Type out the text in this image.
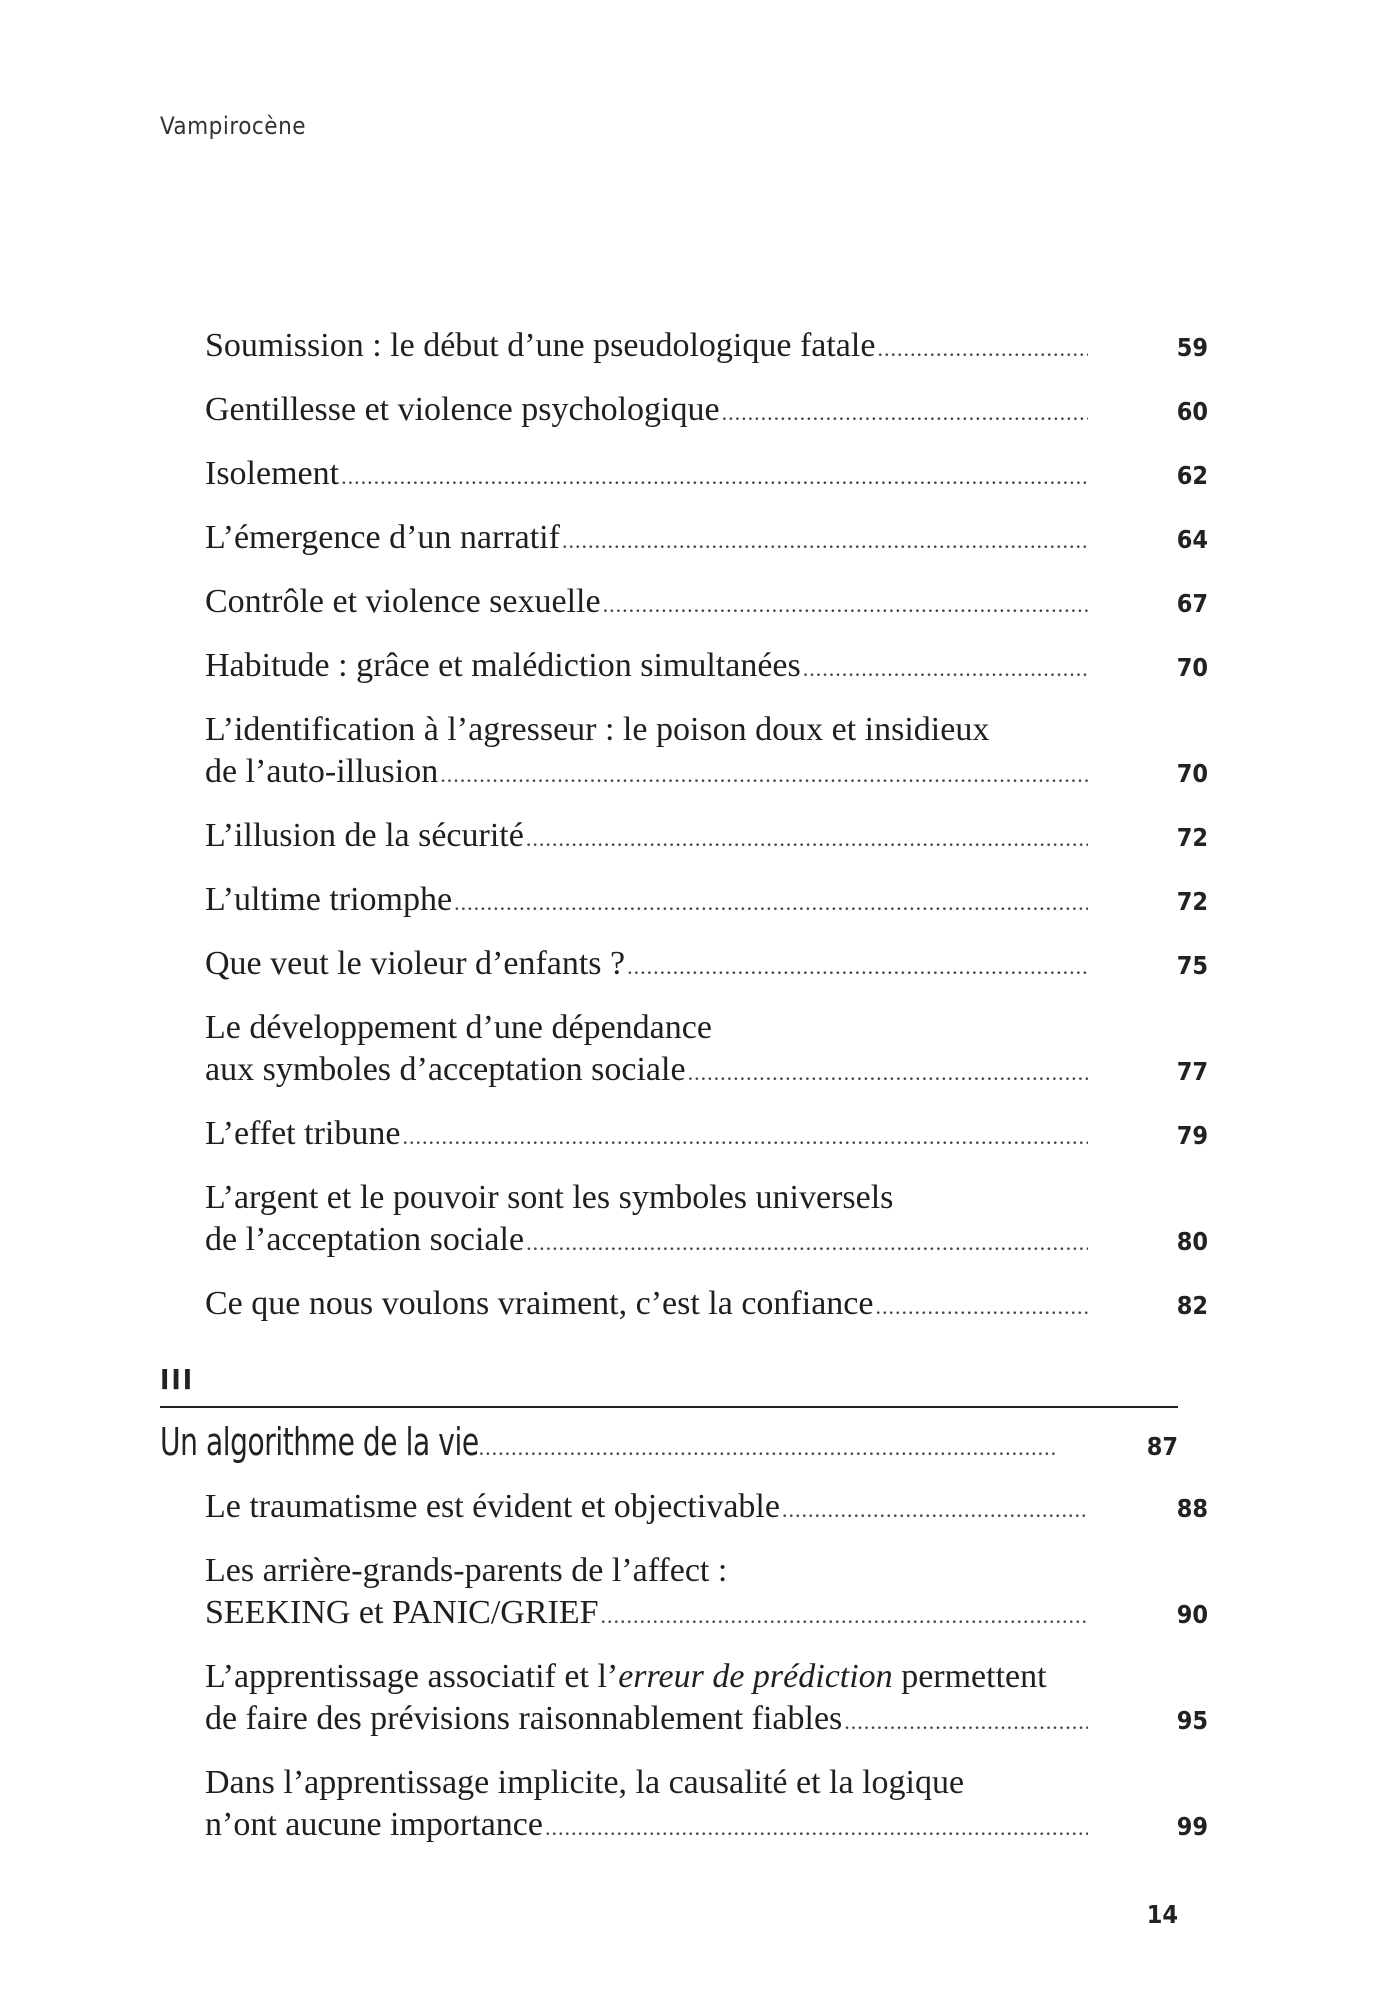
Vampirocène
Soumission : le début d’une pseudologique fatale .....	59
Gentillesse et violence psychologique .....	60
Isolement .....	62
L’émergence d’un narratif .....	64
Contrôle et violence sexuelle .....	67
Habitude : grâce et malédiction simultanées .....	70
L’identification à l’agresseur : le poison doux et insidieux
de l’auto-illusion .....	70
L’illusion de la sécurité .....	72
L’ultime triomphe .....	72
Que veut le violeur d’enfants ? .....	75
Le développement d’une dépendance
aux symboles d’acceptation sociale .....	77
L’effet tribune .....	79
L’argent et le pouvoir sont les symboles universels
de l’acceptation sociale .....	80
Ce que nous voulons vraiment, c’est la confiance .....	82
III
Un algorithme de la vie .....	87
Le traumatisme est évident et objectivable .....	88
Les arrière-grands-parents de l’affect :
SEEKING et PANIC/GRIEF .....	90
L’apprentissage associatif et l’erreur de prédiction permettent
de faire des prévisions raisonnablement fiables .....	95
Dans l’apprentissage implicite, la causalité et la logique
n’ont aucune importance .....	99
14
